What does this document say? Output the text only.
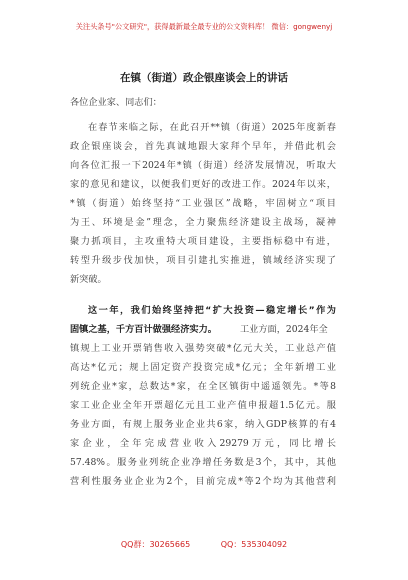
关注头条号"公文研究"，获得最新最全最专业的公文资料库！ 微信：gongwenyj
在镇（街道）政企银座谈会上的讲话
各位企业家、同志们：
在春节来临之际，在此召开**镇（街道）2025年度新春
政企银座谈会，首先真诚地跟大家拜个早年，并借此机会
向各位汇报一下2024年*镇（街道）经济发展情况，听取大
家的意见和建议，以便我们更好的改进工作。2024年以来，
*镇（街道）始终坚持“工业强区”战略，牢固树立“项目
为王、环境是金”理念，全力聚焦经济建设主战场，凝神
聚力抓项目，主攻重特大项目建设，主要指标稳中有进，
转型升级步伐加快，项目引建扎实推进，镇域经济实现了
新突破。
这一年，我们始终坚持把“扩大投资—稳定增长”作为
固镇之基，千方百计做强经济实力。	工业方面，2024年全
镇规上工业开票销售收入强势突破*亿元大关，工业总产值
高达*亿元；规上固定资产投资完成*亿元；全年新增工业
列统企业*家，总数达*家，在全区镇街中遥遥领先。*等8
家工业企业全年开票超亿元且工业产值申报超1.5亿元。服
务业方面，有规上服务业企业共6家，纳入GDP核算的有4
家企业，全年完成营业收入29279万元，同比增长
57.48%。服务业列统企业净增任务数是3个，其中，其他
营利性服务业企业为2个，目前完成*等2个均为其他营利
QQ群：30265665	QQ：535304092
